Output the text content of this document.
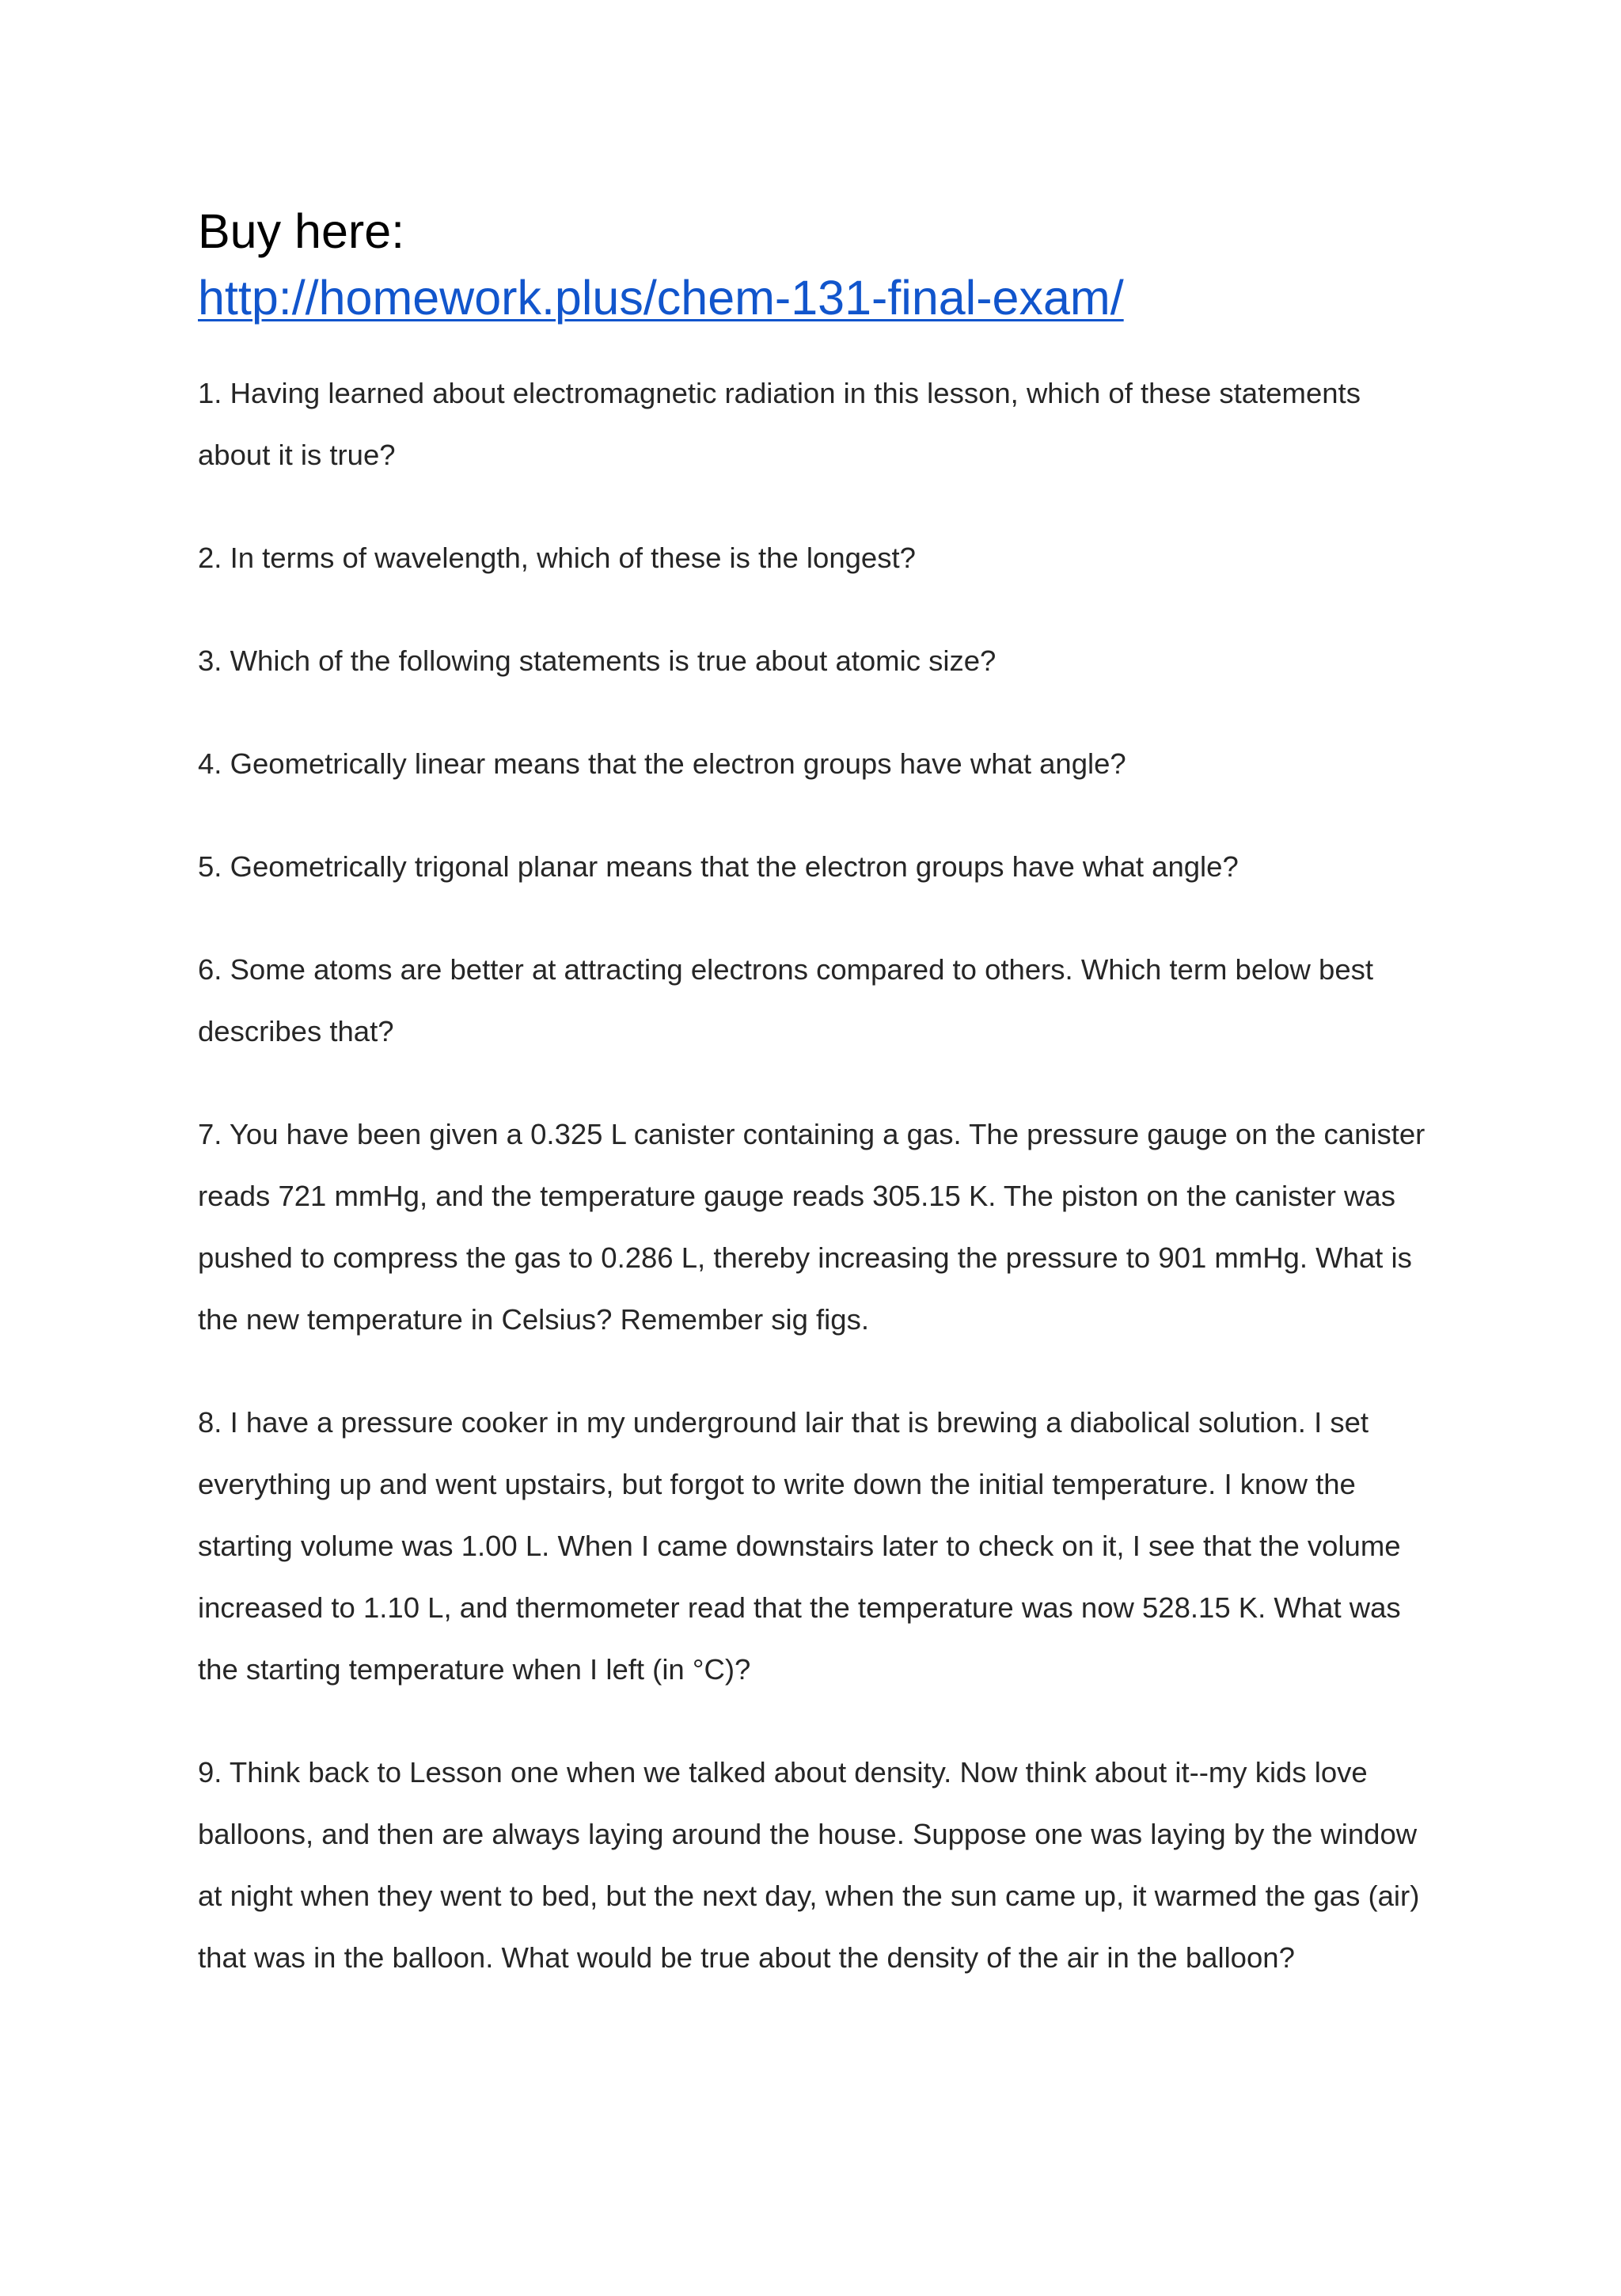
Buy here:
http://homework.plus/chem-131-final-exam/
1. Having learned about electromagnetic radiation in this lesson, which of these statements about it is true?
2. In terms of wavelength, which of these is the longest?
3. Which of the following statements is true about atomic size?
4. Geometrically linear means that the electron groups have what angle?
5. Geometrically trigonal planar means that the electron groups have what angle?
6. Some atoms are better at attracting electrons compared to others. Which term below best describes that?
7. You have been given a 0.325 L canister containing a gas. The pressure gauge on the canister reads 721 mmHg, and the temperature gauge reads 305.15 K. The piston on the canister was pushed to compress the gas to 0.286 L, thereby increasing the pressure to 901 mmHg. What is the new temperature in Celsius? Remember sig figs.
8. I have a pressure cooker in my underground lair that is brewing a diabolical solution. I set everything up and went upstairs, but forgot to write down the initial temperature. I know the starting volume was 1.00 L. When I came downstairs later to check on it, I see that the volume increased to 1.10 L, and thermometer read that the temperature was now 528.15 K. What was the starting temperature when I left (in °C)?
9. Think back to Lesson one when we talked about density. Now think about it--my kids love balloons, and then are always laying around the house. Suppose one was laying by the window at night when they went to bed, but the next day, when the sun came up, it warmed the gas (air) that was in the balloon. What would be true about the density of the air in the balloon?
